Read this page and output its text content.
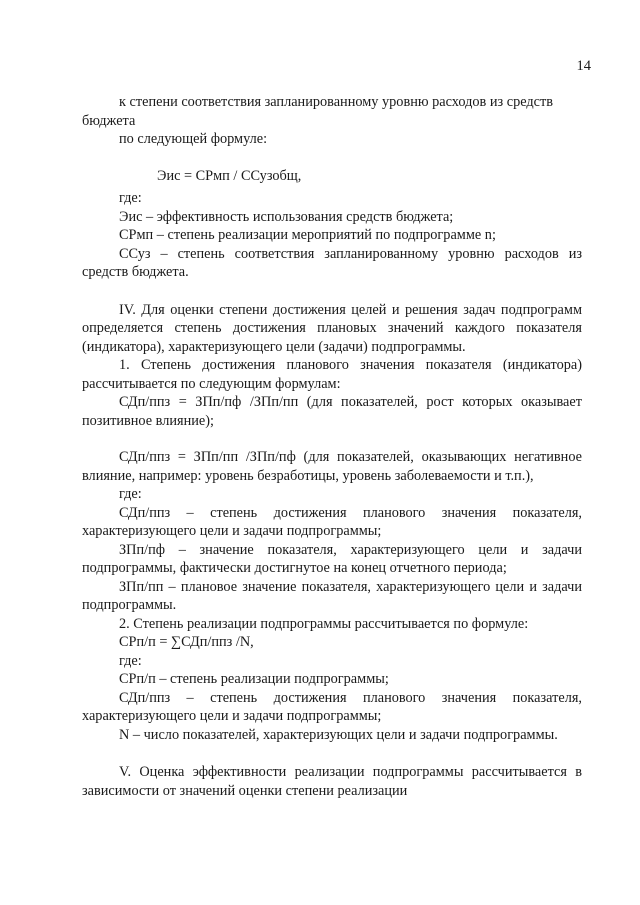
14

к степени соответствия запланированному уровню расходов из средств

бюджета

по следующей формуле:

Эис = СРмп / ССузобщ,

где:

Эис – эффективность использования средств бюджета;

СРмп – степень реализации мероприятий по подпрограмме n;

ССуз – степень соответствия запланированному уровню расходов из

средств бюджета.

IV. Для оценки степени достижения целей и решения задач подпрограмм определяется степень достижения плановых значений каждого показателя (индикатора), характеризующего цели (задачи) подпрограммы.

1. Степень достижения планового значения показателя (индикатора) рассчитывается по следующим формулам:

СДп/ппз = ЗПп/пф /ЗПп/пп (для показателей, рост которых оказывает позитивное влияние);

СДп/ппз = ЗПп/пп /ЗПп/пф (для показателей, оказывающих негативное влияние, например: уровень безработицы, уровень заболеваемости и т.п.),

где:

СДп/ппз – степень достижения планового значения показателя, характеризующего цели и задачи подпрограммы;

ЗПп/пф – значение показателя, характеризующего цели и задачи подпрограммы, фактически достигнутое на конец отчетного периода;

ЗПп/пп – плановое значение показателя, характеризующего цели и задачи подпрограммы.

2. Степень реализации подпрограммы рассчитывается по формуле:

СРп/п = ∑СДп/ппз /N,

где:

СРп/п – степень реализации подпрограммы;

СДп/ппз – степень достижения планового значения показателя, характеризующего цели и задачи подпрограммы;

N – число показателей, характеризующих цели и задачи подпрограммы.

V. Оценка эффективности реализации подпрограммы рассчитывается в зависимости от значений оценки степени реализации
